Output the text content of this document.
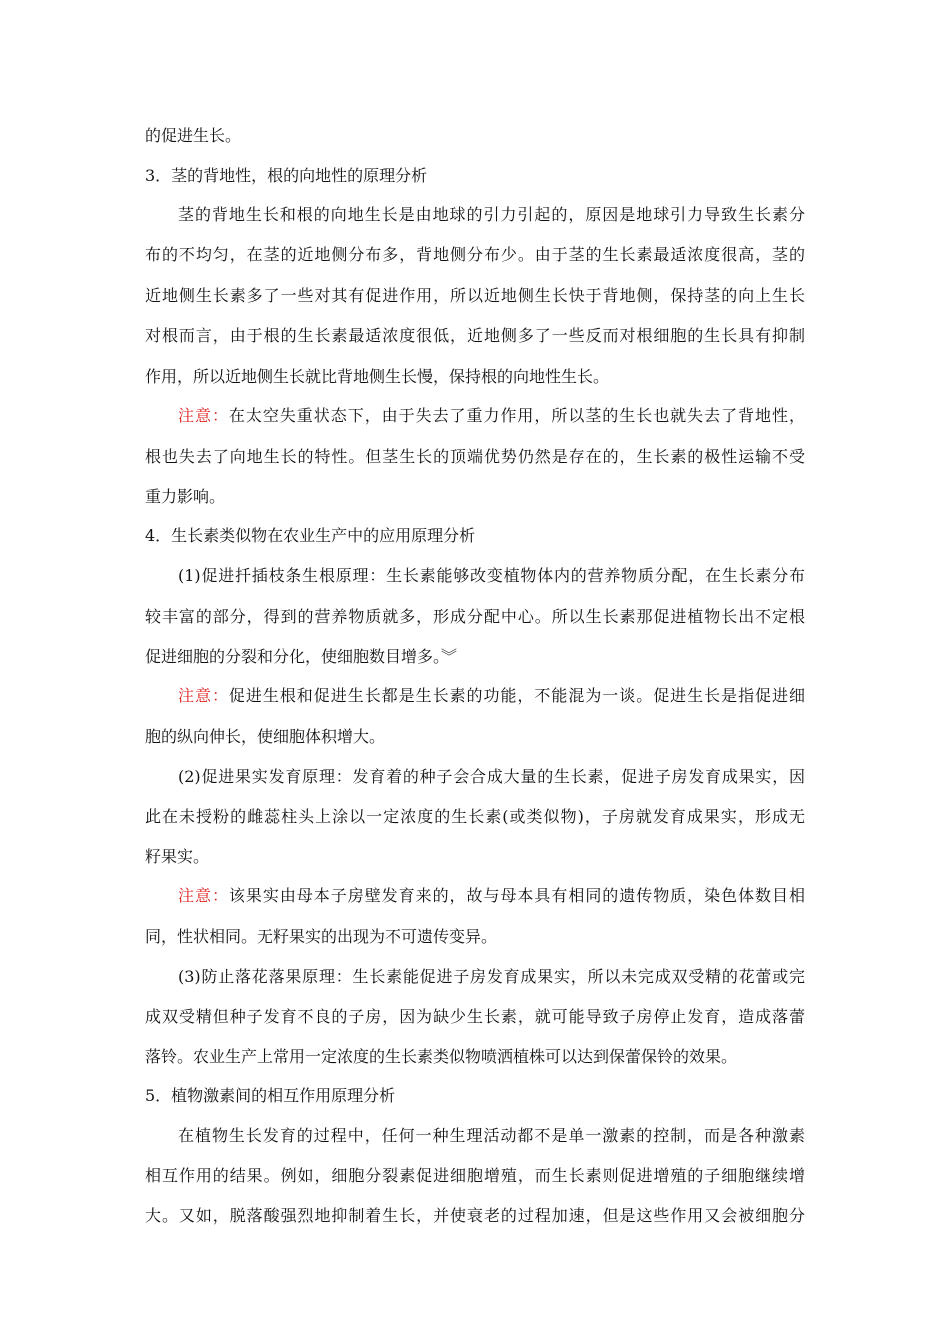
的促进生长。
3．茎的背地性，根的向地性的原理分析
茎的背地生长和根的向地生长是由地球的引力引起的，原因是地球引力导致生长素分
布的不均匀，在茎的近地侧分布多，背地侧分布少。由于茎的生长素最适浓度很高，茎的
近地侧生长素多了一些对其有促进作用，所以近地侧生长快于背地侧，保持茎的向上生长
对根而言，由于根的生长素最适浓度很低，近地侧多了一些反而对根细胞的生长具有抑制
作用，所以近地侧生长就比背地侧生长慢，保持根的向地性生长。
注意：在太空失重状态下，由于失去了重力作用，所以茎的生长也就失去了背地性，
根也失去了向地生长的特性。但茎生长的顶端优势仍然是存在的，生长素的极性运输不受
重力影响。
4．生长素类似物在农业生产中的应用原理分析
(1)促进扦插枝条生根原理：生长素能够改变植物体内的营养物质分配，在生长素分布
较丰富的部分，得到的营养物质就多，形成分配中心。所以生长素那促进植物长出不定根
促进细胞的分裂和分化，使细胞数目增多。︾
注意：促进生根和促进生长都是生长素的功能，不能混为一谈。促进生长是指促进细
胞的纵向伸长，使细胞体积增大。
(2)促进果实发育原理：发育着的种子会合成大量的生长素，促进子房发育成果实，因
此在未授粉的雌蕊柱头上涂以一定浓度的生长素(或类似物)，子房就发育成果实，形成无
籽果实。
注意：该果实由母本子房壁发育来的，故与母本具有相同的遗传物质，染色体数目相
同，性状相同。无籽果实的出现为不可遗传变异。
(3)防止落花落果原理：生长素能促进子房发育成果实，所以未完成双受精的花蕾或完
成双受精但种子发育不良的子房，因为缺少生长素，就可能导致子房停止发育，造成落蕾
落铃。农业生产上常用一定浓度的生长素类似物喷洒植株可以达到保蕾保铃的效果。
5．植物激素间的相互作用原理分析
在植物生长发育的过程中，任何一种生理活动都不是单一激素的控制，而是各种激素
相互作用的结果。例如，细胞分裂素促进细胞增殖，而生长素则促进增殖的子细胞继续增
大。又如，脱落酸强烈地抑制着生长，并使衰老的过程加速，但是这些作用又会被细胞分
